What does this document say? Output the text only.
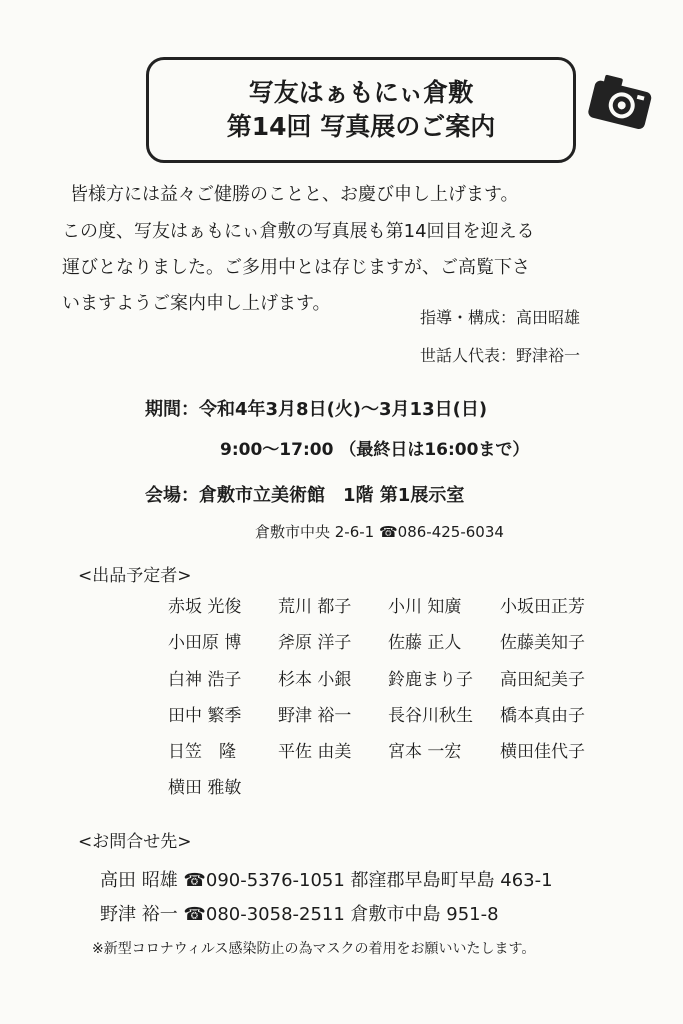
写友はぁもにぃ倉敷
第14回 写真展のご案内
皆様方には益々ご健勝のことと、お慶び申し上げます。
この度、写友はぁもにぃ倉敷の写真展も第14回目を迎える
運びとなりました。ご多用中とは存じますが、ご高覧下さ
いますようご案内申し上げます。
指導・構成：高田昭雄
世話人代表：野津裕一
期間：令和4年3月8日(火)～3月13日(日)
9:00～17:00 （最終日は16:00まで）
会場：倉敷市立美術館　1階 第1展示室
倉敷市中央 2-6-1 ☎086-425-6034
<出品予定者>
赤坂 光俊	荒川 都子	小川 知廣	小坂田正芳
小田原 博	斧原 洋子	佐藤 正人	佐藤美知子
白神 浩子	杉本 小銀	鈴鹿まり子	高田紀美子
田中 繁季	野津 裕一	長谷川秋生	橋本真由子
日笠　隆	平佐 由美	宮本 一宏	横田佳代子
横田 雅敏
<お問合せ先>
高田 昭雄 ☎090-5376-1051 都窪郡早島町早島 463-1
野津 裕一 ☎080-3058-2511 倉敷市中島 951-8
※新型コロナウィルス感染防止の為マスクの着用をお願いいたします。
